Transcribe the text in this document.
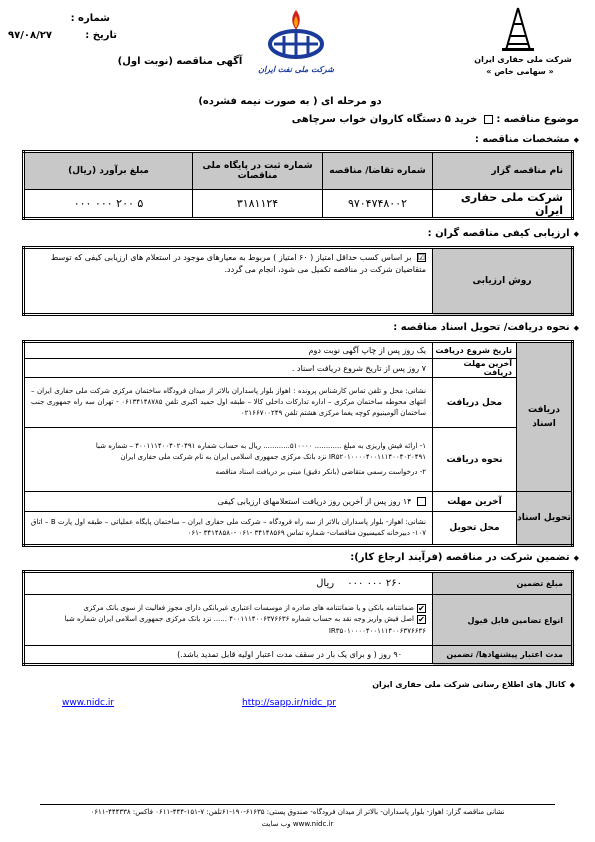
شماره :
۹۷/۰۸/۲۷	تاریخ :
آگهی مناقصه (نوبت اول)
شرکت ملی نفت ایران
شرکت ملی حفاری ایران
« سهامی خاص »
دو مرحله ای ( به صورت نیمه فشرده)
موضوع مناقصه :  خرید ۵ دستگاه کاروان خواب سرچاهی
◆ مشخصات مناقصه :
نام مناقصه گزار	شماره تقاضا/ مناقصه	شماره ثبت در پایگاه ملی مناقصات	مبلغ برآورد (ریال)
شرکت ملی حفاری ایران	۹۷۰۴۷۴۸۰۰۲	۳۱۸۱۱۲۴	۵ ۲۰۰ ۰۰۰ ۰۰۰
◆ ارزیابی کیفی مناقصه گران :
روش ارزیابی	☑ بر اساس کسب حداقل امتیاز ( ۶۰ امتیاز ) مربوط به معیارهای موجود در استعلام های ارزیابی کیفی که توسط متقاضیان شرکت در مناقصه تکمیل می شود، انجام می گردد.
◆ نحوه دریافت/ تحویل اسناد مناقصه :
دریافت اسناد	تاریخ شروع دریافت	یک روز پس از چاپ آگهی نوبت دوم
	آخرین مهلت دریافت	۷ روز پس از تاریخ شروع دریافت اسناد .
	محل دریافت	نشانی: محل و تلفن تماس کارشناس پرونده : اهواز بلوار پاسداران بالاتر از میدان فرودگاه ساختمان مرکزی شرکت ملی حفاری ایران – انتهای محوطه ساختمان مرکزی – اداره تدارکات داخلی کالا – طبقه اول حمید اکبری تلفن ۰۶۱۳۴۱۴۸۷۸۵ - تهران سه راه جمهوری جنب ساختمان آلومینیوم کوچه یغما مرکزی هشتم تلفن ۰۲۱۶۶۷۰۰۲۴۹
	نحوه دریافت	۱- ارائه فیش واریزی به مبلغ ............ ۵۱۰۰۰۰............ ریال به حساب شماره ۴۰۰۱۱۱۴۰۰۴۰۲۰۴۹۱ – شماره شبا IR۵۲۰۱۰۰۰۰۴۰۰۱۱۱۴۰۰۴۰۲۰۴۹۱ نزد بانک مرکزی جمهوری اسلامی ایران به نام شرکت ملی حفاری ایران
۲- درخواست رسمی متقاضی (بانکر دقیق) مبنی بر دریافت اسناد مناقصه

تحویل اسناد	آخرین مهلت	۱۴ روز پس از آخرین روز دریافت استعلامهای ارزیابی کیفی
	محل تحویل	نشانی: اهواز- بلوار پاسداران بالاتر از سه راه فرودگاه – شرکت ملی حفاری ایران – ساختمان پایگاه عملیاتی – طبقه اول پارت B – اتاق ۱۰۷- دبیرخانه کمیسیون مناقصات- شماره تماس ۳۴۱۴۸۵۶۹ -۰۶۱ -۳۴۱۴۸۵۸۰ -۰۶۱
◆ تضمین شرکت در مناقصه (فرآیند ارجاع کار):
مبلغ تضمین	۲۶۰ ۰۰۰ ۰۰۰ ریال
انواع تضامین قابل قبول	✔ضمانتنامه بانکی و یا ضمانتنامه های صادره از موسسات اعتباری غیربانکی دارای مجوز فعالیت از سوی بانک مرکزی
✔اصل فیش واریز وجه نقد به حساب شماره ۴۰۰۱۱۱۴۰۰۶۳۷۶۶۳۶ ...... نزد بانک مرکزی جمهوری اسلامی ایران شماره شبا IR۳۵۰۱۰۰۰۰۴۰۰۱۱۱۴۰۰۶۳۷۶۶۳۶

مدت اعتبار پیشنهادها/ تضمین	۹۰ روز ( و برای یک بار در سقف مدت اعتبار اولیه قابل تمدید باشد.)
◆ کانال های اطلاع رسانی شرکت ملی حفاری ایران
www.nidc.ir	http://sapp.ir/nidc_pr
نشانی مناقصه گزار: اهواز- بلوار پاسداران- بالاتر از میدان فرودگاه- صندوق پستی: ۶۱۶۳۵-۱۹۰-۶۱تلفن: ۷-۱۵۱-۴۴۴-۰۶۱۱ فاکس: ۴۴۴۳۳۸-۰۶۱۱
www.nidc.ir وب سایت
